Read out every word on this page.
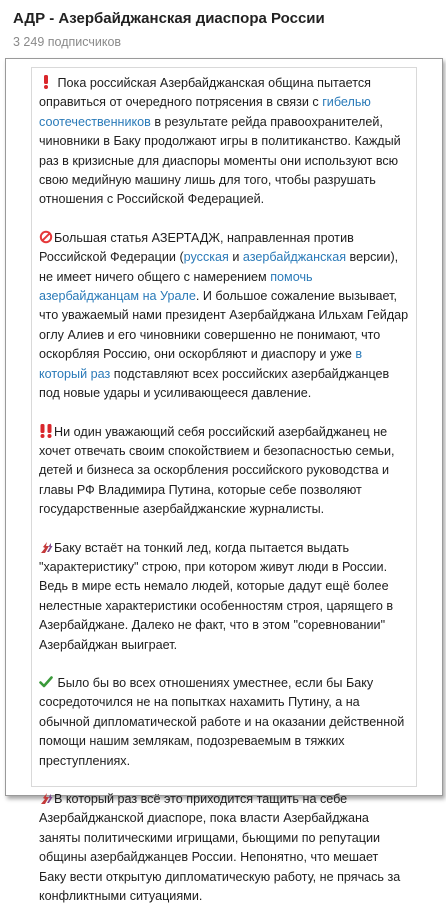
АДР - Азербайджанская диаспора России
3 249 подписчиков

Пока российская Азербайджанская община пытается оправиться от очередного потрясения в связи с гибелью соотечественников в результате рейда правоохранителей, чиновники в Баку продолжают игры в политиканство. Каждый раз в кризисные для диаспоры моменты они используют всю свою медийную машину лишь для того, чтобы разрушать отношения с Российской Федерацией.

Большая статья АЗЕРТАДЖ, направленная против Российской Федерации (русская и азербайджанская версии), не имеет ничего общего с намерением помочь азербайджанцам на Урале. И большое сожаление вызывает, что уважаемый нами президент Азербайджана Ильхам Гейдар оглу Алиев и его чиновники совершенно не понимают, что оскорбляя Россию, они оскорбляют и диаспору и уже в который раз подставляют всех российских азербайджанцев под новые удары и усиливающееся давление.

Ни один уважающий себя российский азербайджанец не хочет отвечать своим спокойствием и безопасностью семьи, детей и бизнеса за оскорбления российского руководства и главы РФ Владимира Путина, которые себе позволяют государственные азербайджанские журналисты.

Баку встаёт на тонкий лед, когда пытается выдать "характеристику" строю, при котором живут люди в России. Ведь в мире есть немало людей, которые дадут ещё более нелестные характеристики особенностям строя, царящего в Азербайджане. Далеко не факт, что в этом "соревновании" Азербайджан выиграет.

Было бы во всех отношениях уместнее, если бы Баку сосредоточился не на попытках нахамить Путину, а на обычной дипломатической работе и на оказании действенной помощи нашим землякам, подозреваемым в тяжких преступлениях.

В который раз всё это приходится тащить на себе Азербайджанской диаспоре, пока власти Азербайджана заняты политическими игрищами, бьющими по репутации общины азербайджанцев России. Непонятно, что мешает Баку вести открытую дипломатическую работу, не прячась за конфликтными ситуациями.
